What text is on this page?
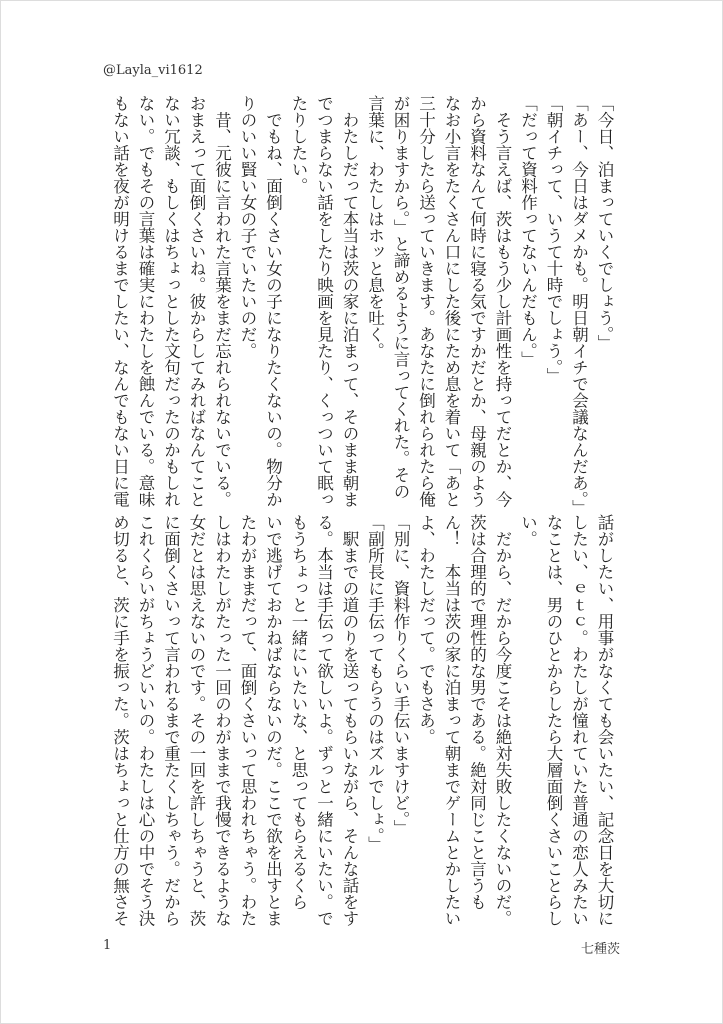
@Layla_vi1612
「今日、泊まっていくでしょう。」
「あー、今日はダメかも。明日朝イチで会議なんだあ。」
「朝イチって、いうて十時でしょう。」
「だって資料作ってないんだもん。」
　そう言えば、茨はもう少し計画性を持ってだとか、今
から資料なんて何時に寝る気ですかだとか、母親のよう
なお小言をたくさん口にした後にため息を着いて「あと
三十分したら送っていきます。あなたに倒れられたら俺
が困りますから。」と諦めるように言ってくれた。その
言葉に、わたしはホッと息を吐く。
　わたしだって本当は茨の家に泊まって、そのまま朝ま
でつまらない話をしたり映画を見たり、くっついて眠っ
たりしたい。
　でもね、面倒くさい女の子になりたくないの。物分か
りのいい賢い女の子でいたいのだ。
　昔、元彼に言われた言葉をまだ忘れられないでいる。
おまえって面倒くさいね。彼からしてみればなんてこと
ない冗談、もしくはちょっとした文句だったのかもしれ
ない。でもその言葉は確実にわたしを蝕んでいる。意味
もない話を夜が明けるまでしたい、なんでもない日に電
話がしたい、用事がなくても会いたい、記念日を大切に
したい、ｅｔｃ。わたしが憧れていた普通の恋人みたい
なことは、男のひとからしたら大層面倒くさいことらし
い。
　だから、だから今度こそは絶対失敗したくないのだ。
茨は合理的で理性的な男である。絶対同じこと言うも
ん！　本当は茨の家に泊まって朝までゲームとかしたい
よ、わたしだって。でもさあ。
「別に、資料作りくらい手伝いますけど。」
「副所長に手伝ってもらうのはズルでしょ。」
　駅までの道のりを送ってもらいながら、そんな話をす
る。本当は手伝って欲しいよ。ずっと一緒にいたい。で
もうちょっと一緒にいたいな、と思ってもらえるくら
いで逃げておかねばならないのだ。ここで欲を出すとま
たわがままだって、面倒くさいって思われちゃう。わた
しはわたしがたった一回のわがままで我慢できるような
女だとは思えないのです。その一回を許しちゃうと、茨
に面倒くさいって言われるまで重たくしちゃう。だから
これくらいがちょうどいいの。わたしは心の中でそう決
め切ると、茨に手を振った。茨はちょっと仕方の無さそ
1	七種茨
